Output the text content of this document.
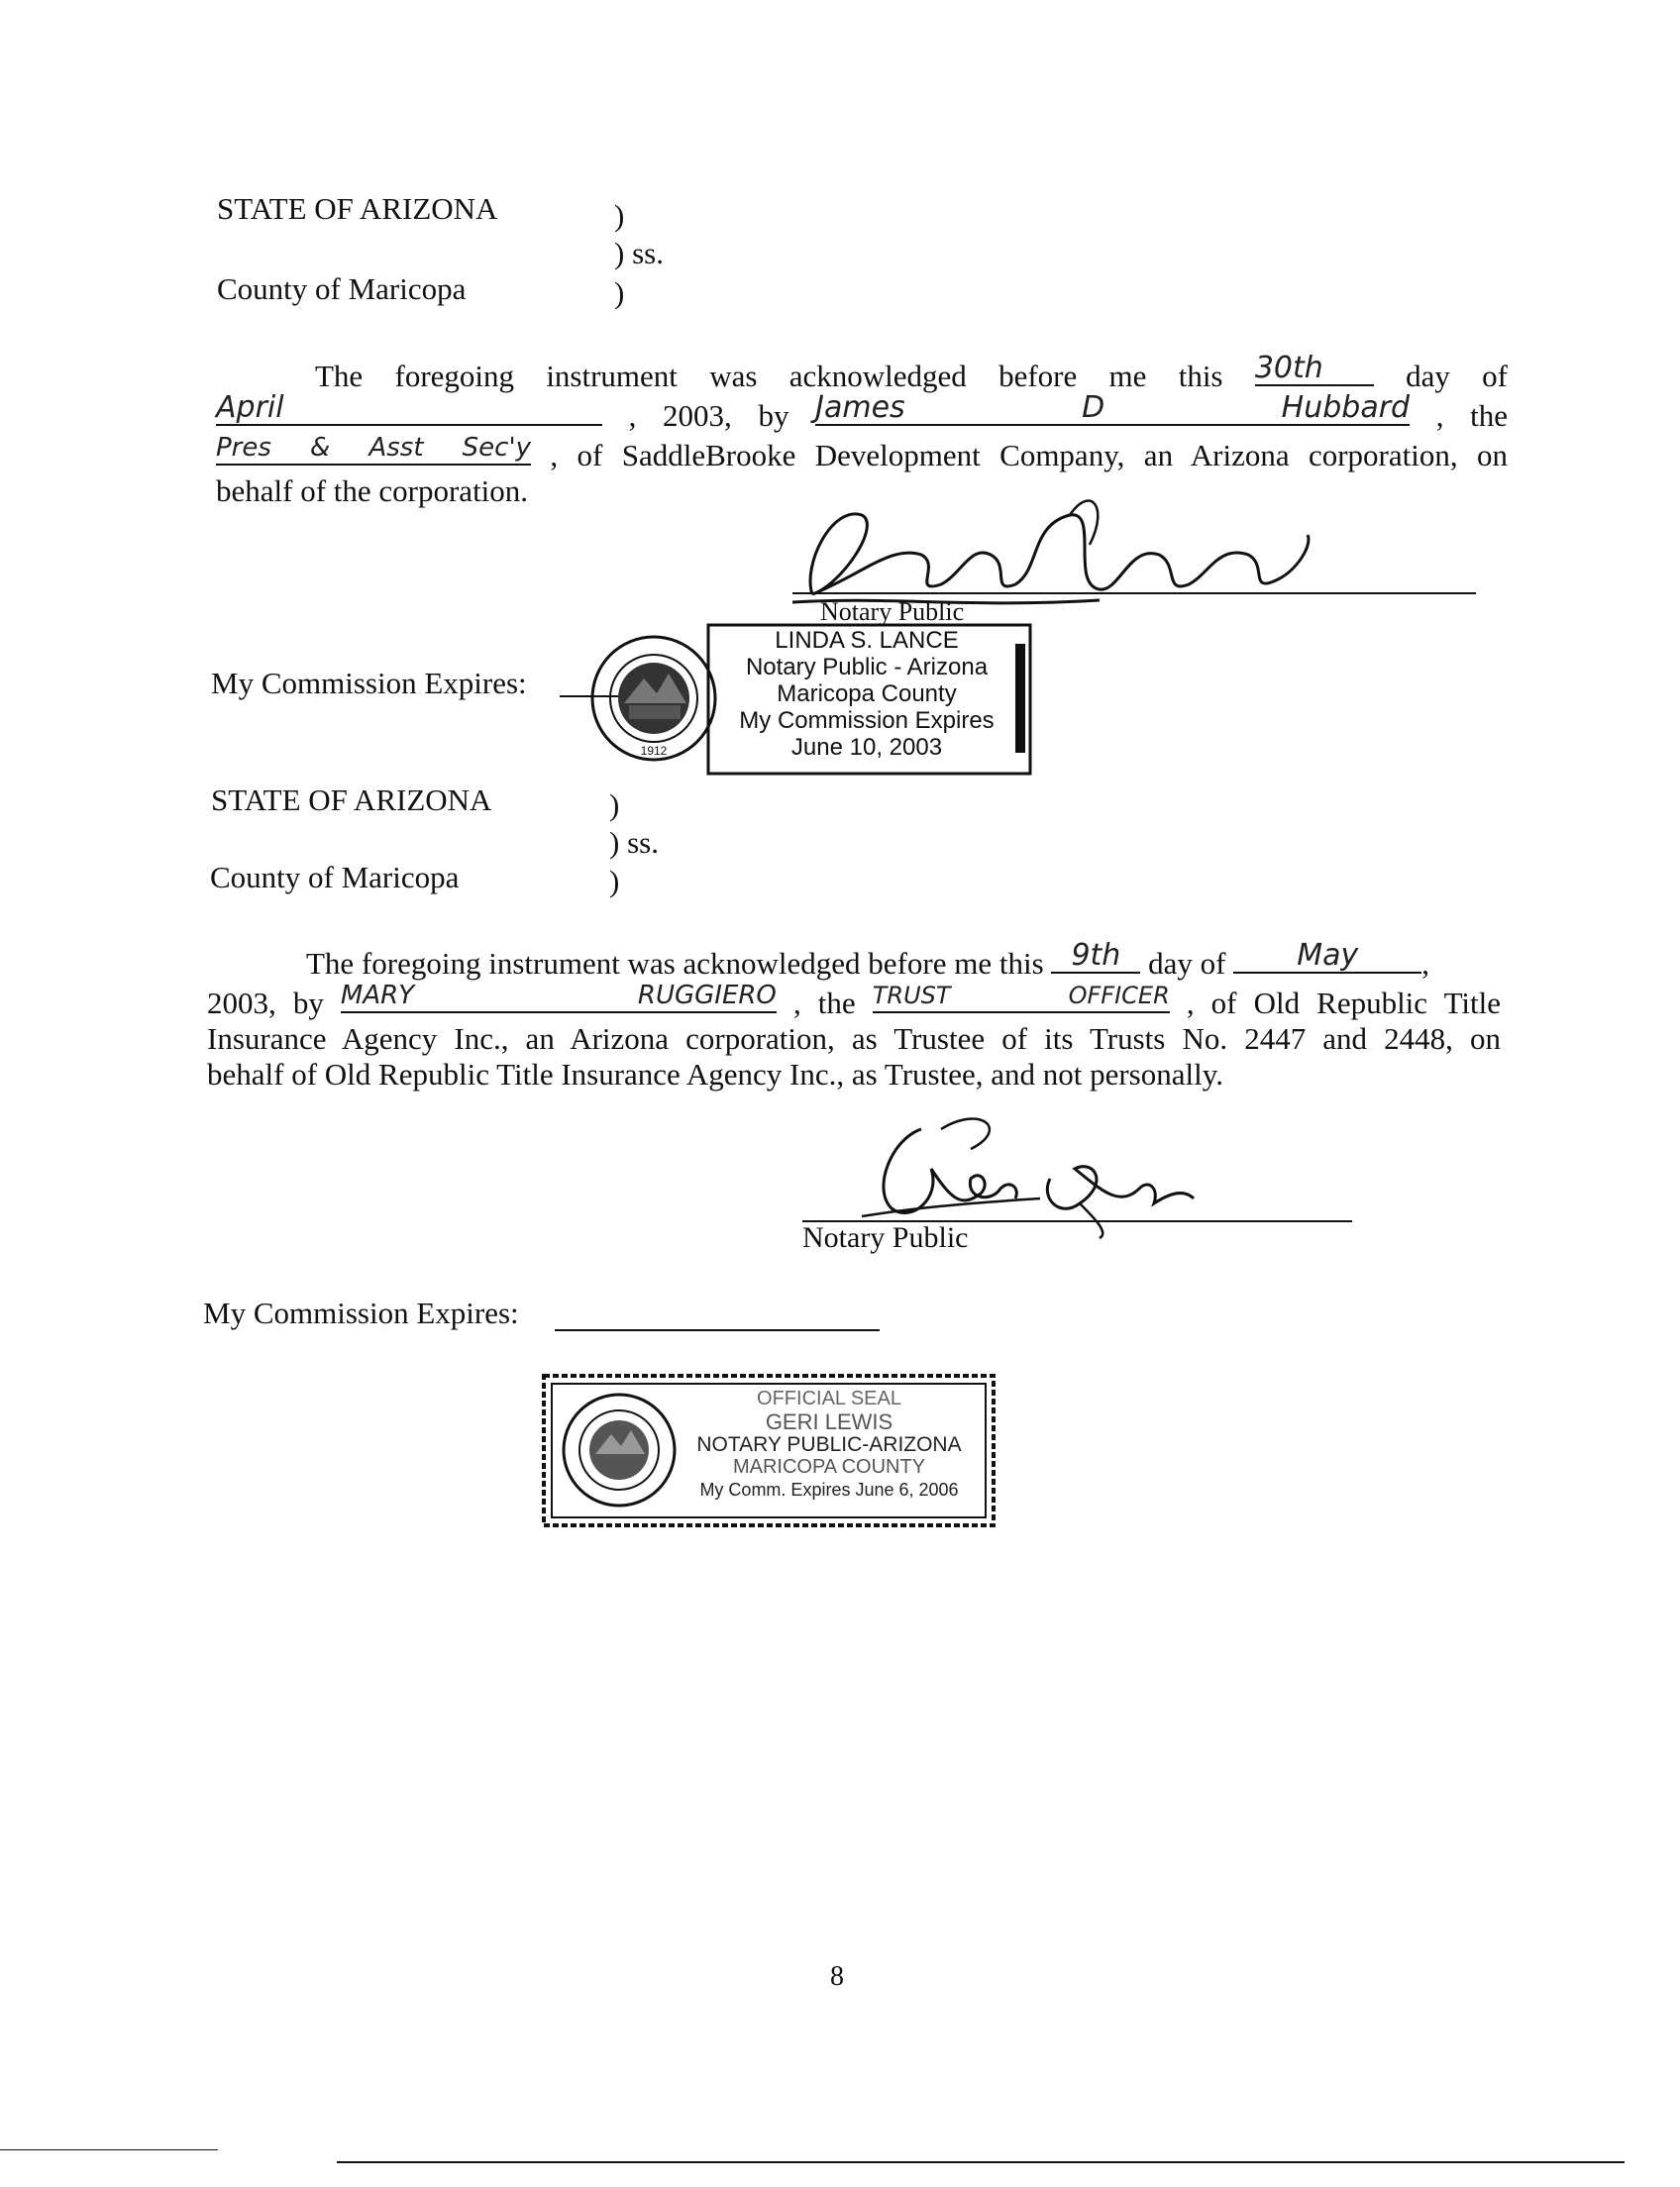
STATE OF ARIZONA	)
) ss.
)
County of Maricopa
The foregoing instrument was acknowledged before me this 30th	day of
April	, 2003, by James D Hubbard , the
Pres & Asst Sec'y , of SaddleBrooke Development Company, an Arizona corporation, on
behalf of the corporation.
Notary Public
My Commission Expires:
1912
LINDA S. LANCE
Notary Public - Arizona
Maricopa County
My Commission Expires
June 10, 2003
STATE OF ARIZONA	)
) ss.
)
County of Maricopa
The foregoing instrument was acknowledged before me this 9th day of	May	,
2003, by MARY RUGGIERO , the TRUST OFFICER , of Old Republic Title
Insurance Agency Inc., an Arizona corporation, as Trustee of its Trusts No. 2447 and 2448, on
behalf of Old Republic Title Insurance Agency Inc., as Trustee, and not personally.
Notary Public
My Commission Expires:
OFFICIAL SEAL
GERI LEWIS
NOTARY PUBLIC-ARIZONA
MARICOPA COUNTY
My Comm. Expires June 6, 2006
8
